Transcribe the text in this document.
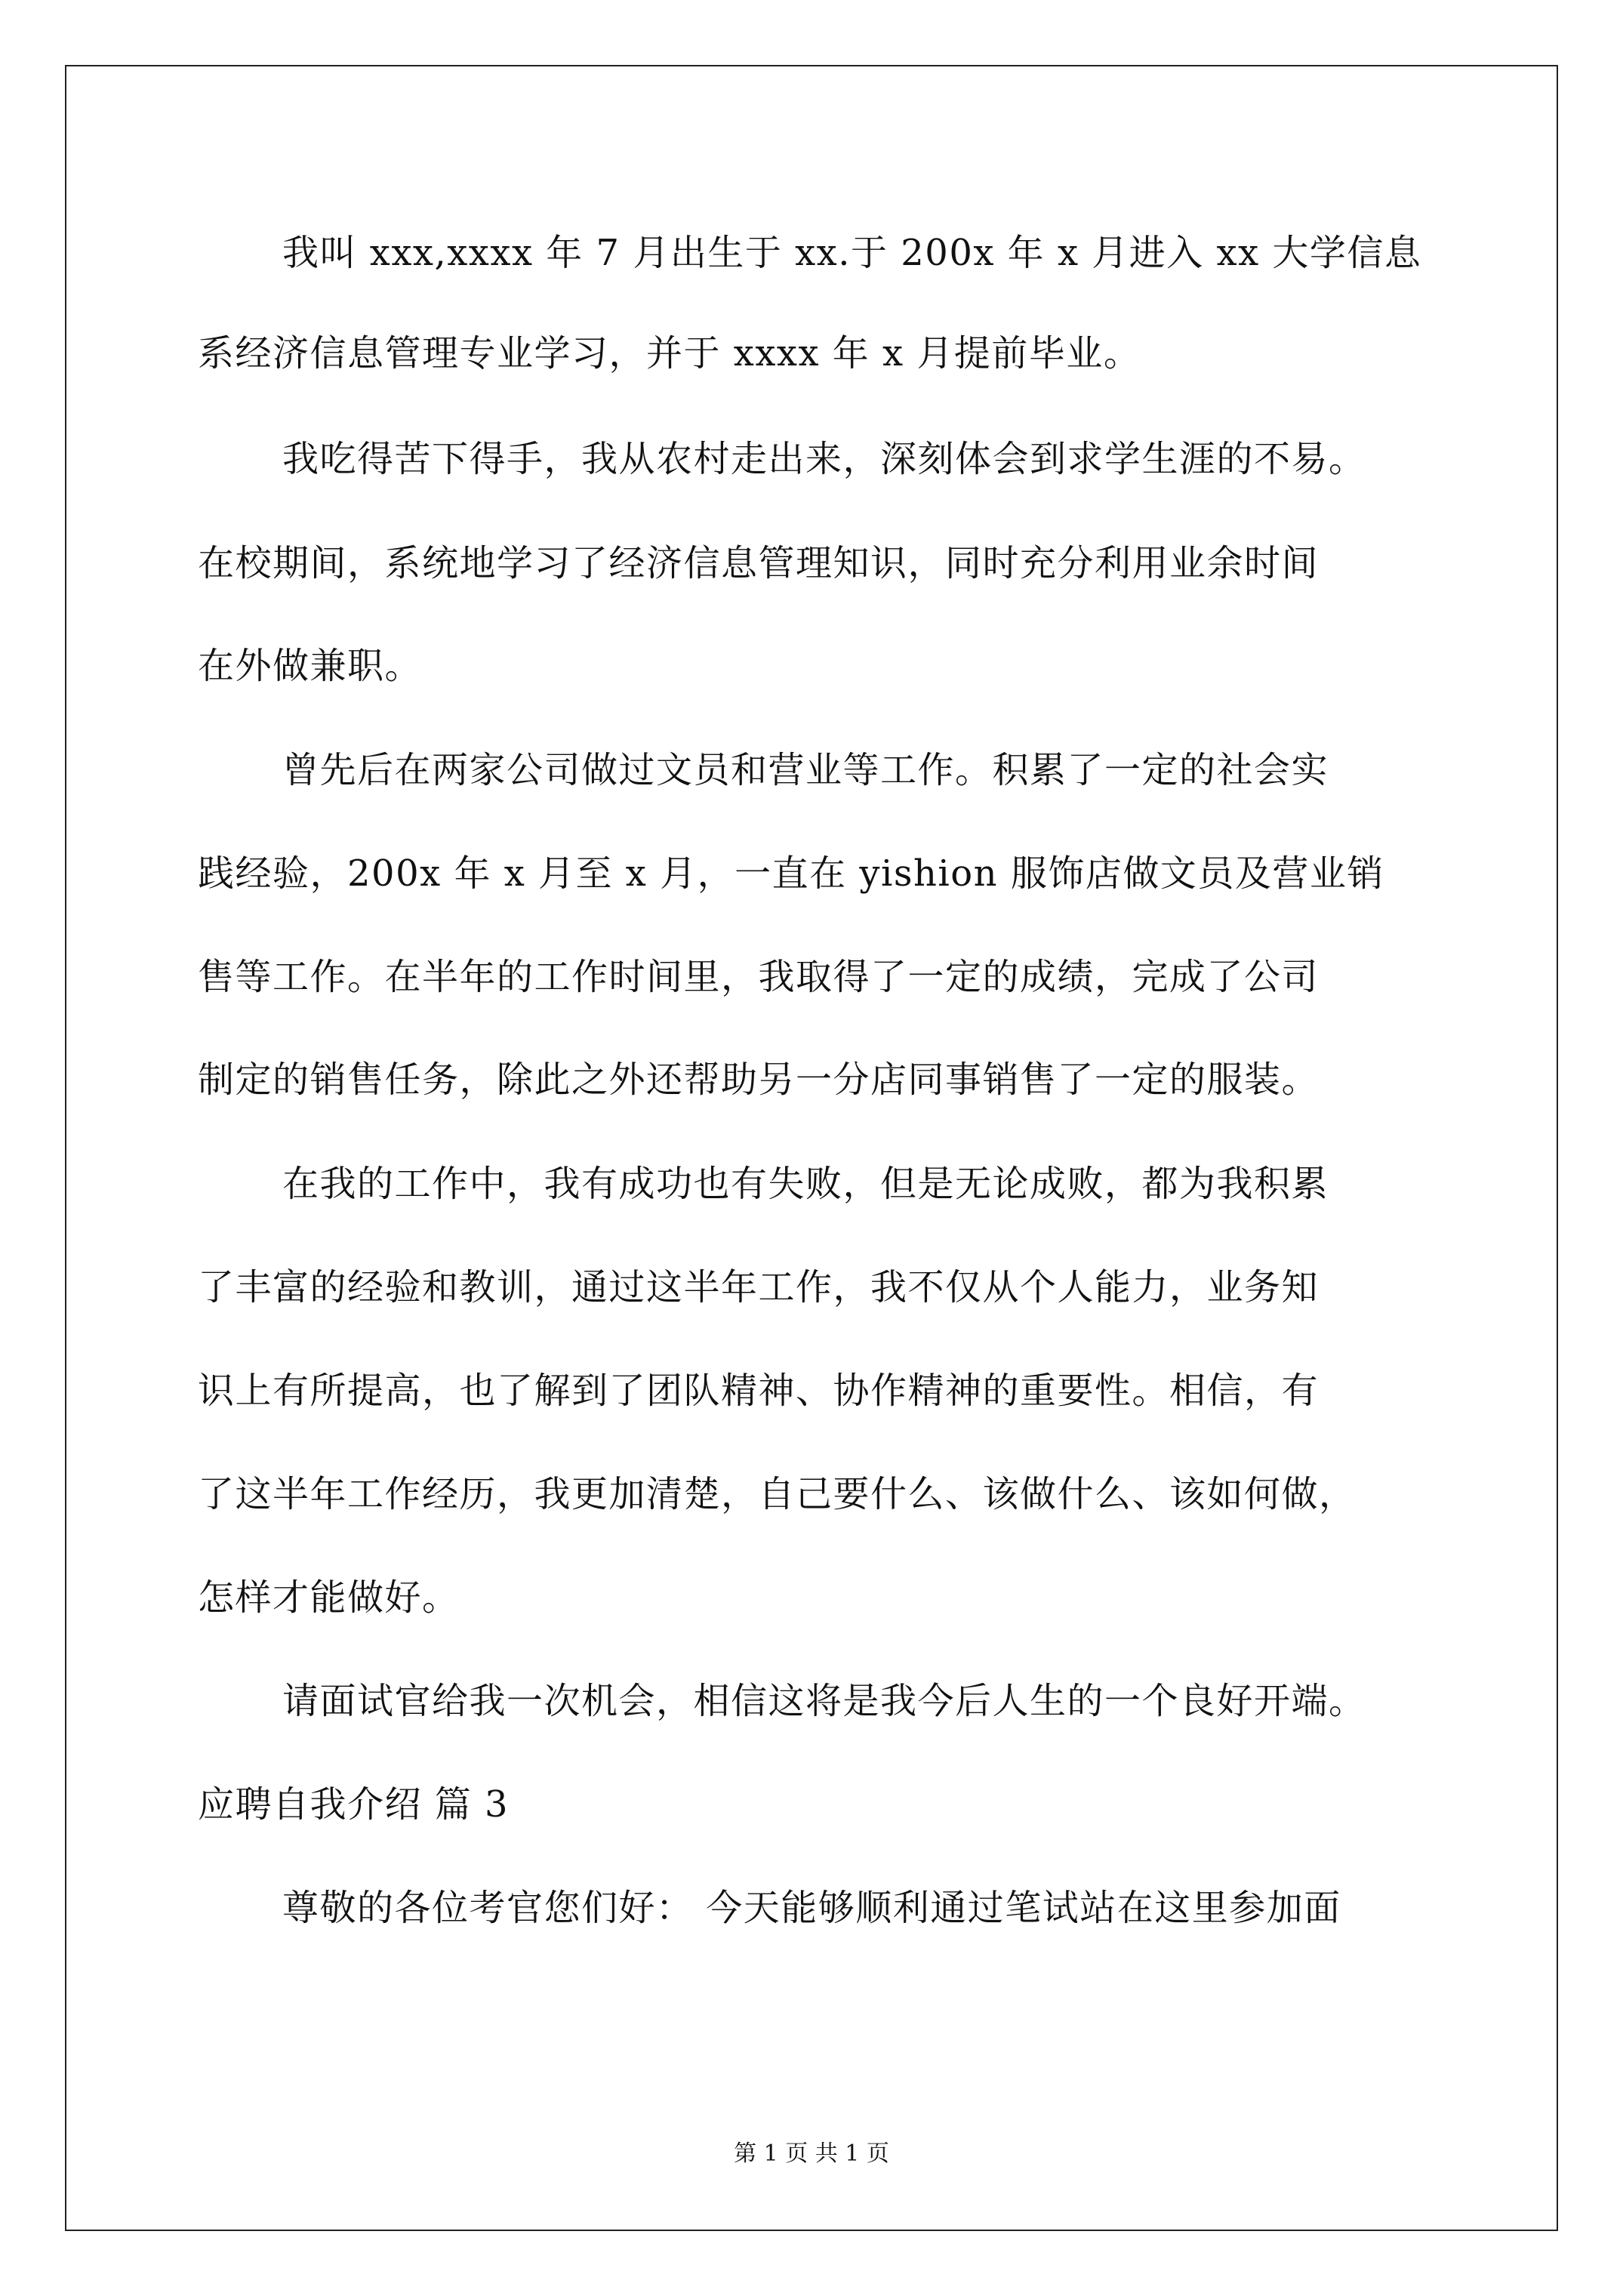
我叫 xxx,xxxx 年 7 月出生于 xx.于 200x 年 x 月进入 xx 大学信息
系经济信息管理专业学习，并于 xxxx 年 x 月提前毕业。
我吃得苦下得手，我从农村走出来，深刻体会到求学生涯的不易。
在校期间，系统地学习了经济信息管理知识，同时充分利用业余时间
在外做兼职。
曾先后在两家公司做过文员和营业等工作。积累了一定的社会实
践经验，200x 年 x 月至 x 月，一直在 yishion 服饰店做文员及营业销
售等工作。在半年的工作时间里，我取得了一定的成绩，完成了公司
制定的销售任务，除此之外还帮助另一分店同事销售了一定的服装。
在我的工作中，我有成功也有失败，但是无论成败，都为我积累
了丰富的经验和教训，通过这半年工作，我不仅从个人能力，业务知
识上有所提高，也了解到了团队精神、协作精神的重要性。相信，有
了这半年工作经历，我更加清楚，自己要什么、该做什么、该如何做，
怎样才能做好。
请面试官给我一次机会，相信这将是我今后人生的一个良好开端。
应聘自我介绍 篇 3
尊敬的各位考官您们好： 今天能够顺利通过笔试站在这里参加面
第 1 页 共 1 页
